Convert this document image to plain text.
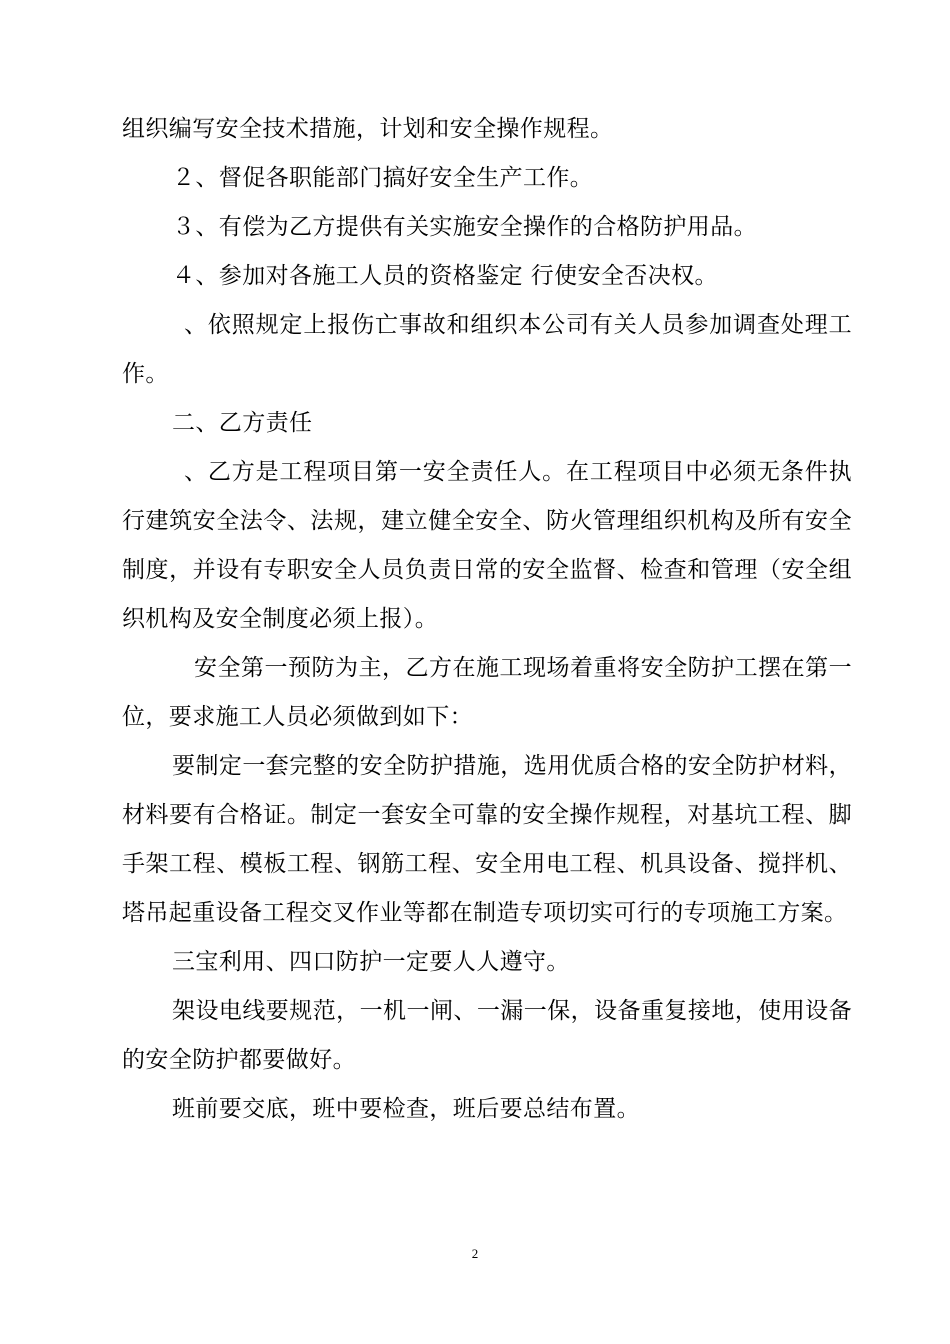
组织编写安全技术措施，计划和安全操作规程。

２、督促各职能部门搞好安全生产工作。

３、有偿为乙方提供有关实施安全操作的合格防护用品。

４、参加对各施工人员的资格鉴定 行使安全否决权。

、依照规定上报伤亡事故和组织本公司有关人员参加调查处理工作。

二、乙方责任

、乙方是工程项目第一安全责任人。在工程项目中必须无条件执行建筑安全法令、法规，建立健全安全、防火管理组织机构及所有安全制度，并设有专职安全人员负责日常的安全监督、检查和管理（安全组织机构及安全制度必须上报）。

安全第一预防为主，乙方在施工现场着重将安全防护工摆在第一位，要求施工人员必须做到如下：

要制定一套完整的安全防护措施，选用优质合格的安全防护材料，材料要有合格证。制定一套安全可靠的安全操作规程，对基坑工程、脚手架工程、模板工程、钢筋工程、安全用电工程、机具设备、搅拌机、塔吊起重设备工程交叉作业等都在制造专项切实可行的专项施工方案。

三宝利用、四口防护一定要人人遵守。

架设电线要规范，一机一闸、一漏一保，设备重复接地，使用设备的安全防护都要做好。

班前要交底，班中要检查，班后要总结布置。

2
